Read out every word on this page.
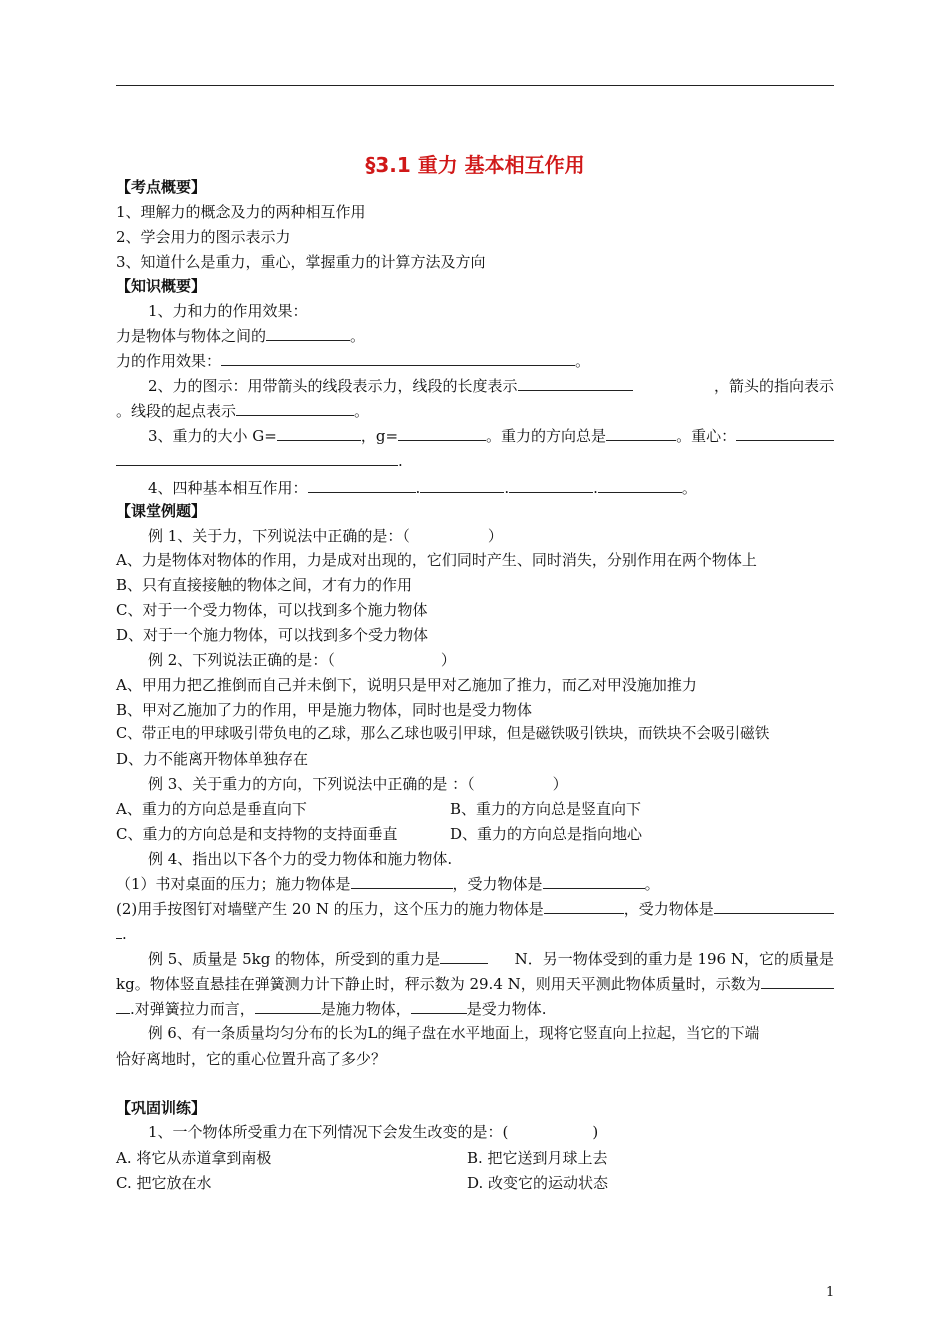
§3.1 重力 基本相互作用
【考点概要】
1、理解力的概念及力的两种相互作用
2、学会用力的图示表示力
3、知道什么是重力，重心，掌握重力的计算方法及方向
【知识概要】
1、力和力的作用效果：
力是物体与物体之间的	。
力的作用效果：	。
2、力的图示：用带箭头的线段表示力，线段的长度表示	，箭头的指向表示
。线段的起点表示	。
3、重力的大小 G=	，g=	。重力的方向总是	。重心：
.
4、四种基本相互作用：	.	.	.	。
【课堂例题】
例 1、关于力，下列说法中正确的是：（	）
A、力是物体对物体的作用，力是成对出现的，它们同时产生、同时消失，分别作用在两个物体上
B、只有直接接触的物体之间，才有力的作用
C、对于一个受力物体，可以找到多个施力物体
D、对于一个施力物体，可以找到多个受力物体
例 2、下列说法正确的是：（	）
A、甲用力把乙推倒而自己并未倒下，说明只是甲对乙施加了推力，而乙对甲没施加推力
B、甲对乙施加了力的作用，甲是施力物体，同时也是受力物体
C、带正电的甲球吸引带负电的乙球，那么乙球也吸引甲球，但是磁铁吸引铁块，而铁块不会吸引磁铁
D、力不能离开物体单独存在
例 3、关于重力的方向，下列说法中正确的是 ：（	）
A、重力的方向总是垂直向下	B、重力的方向总是竖直向下
C、重力的方向总是和支持物的支持面垂直	D、重力的方向总是指向地心
例 4、指出以下各个力的受力物体和施力物体.
（1）书对桌面的压力；施力物体是	，受力物体是	。
(2)用手按图钉对墙壁产生 20 N 的压力，这个压力的施力物体是	，受力物体是
.
例 5、质量是 5kg 的物体，所受到的重力是	N．另一物体受到的重力是 196 N，它的质量是
kg。物体竖直悬挂在弹簧测力计下静止时，秤示数为 29.4 N，则用天平测此物体质量时，示数为
.对弹簧拉力而言，	是施力物体，	是受力物体.
例 6、有一条质量均匀分布的长为L的绳子盘在水平地面上，现将它竖直向上拉起，当它的下端
恰好离地时，它的重心位置升高了多少？
【巩固训练】
1、一个物体所受重力在下列情况下会发生改变的是：(	)
A. 将它从赤道拿到南极	B. 把它送到月球上去
C. 把它放在水	D. 改变它的运动状态
1
